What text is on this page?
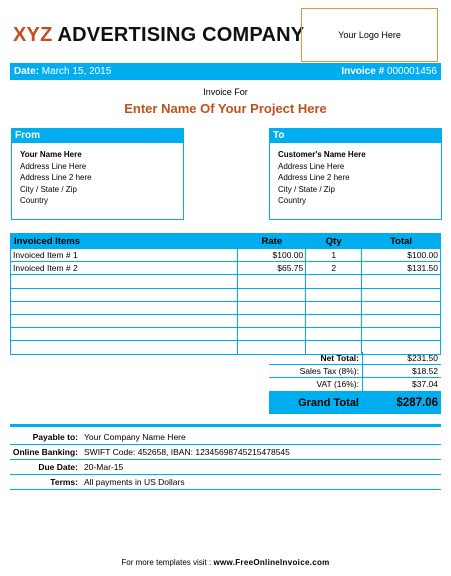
XYZ ADVERTISING COMPANY	Your Logo Here
Date: March 15, 2015	Invoice # 000001456
Invoice For
Enter Name Of Your Project Here
From
Your Name Here
Address Line Here
Address Line 2 here
City / State / Zip
Country
To
Customer's Name Here
Address Line Here
Address Line 2 here
City / State / Zip
Country
Invoiced Items	Rate	Qty	Total
Invoiced Item # 1	$100.00	1	$100.00
Invoiced Item # 2	$65.75	2	$131.50

Net Total:	$231.50
Sales Tax (8%):	$18.52
VAT (16%):	$37.04
Grand Total	$287.06
Payable to: Your Company Name Here
Online Banking: SWIFT Code: 452658, IBAN: 12345698745215478545
Due Date: 20-Mar-15
Terms: All payments in US Dollars
For more templates visit : www.FreeOnlineInvoice.com
